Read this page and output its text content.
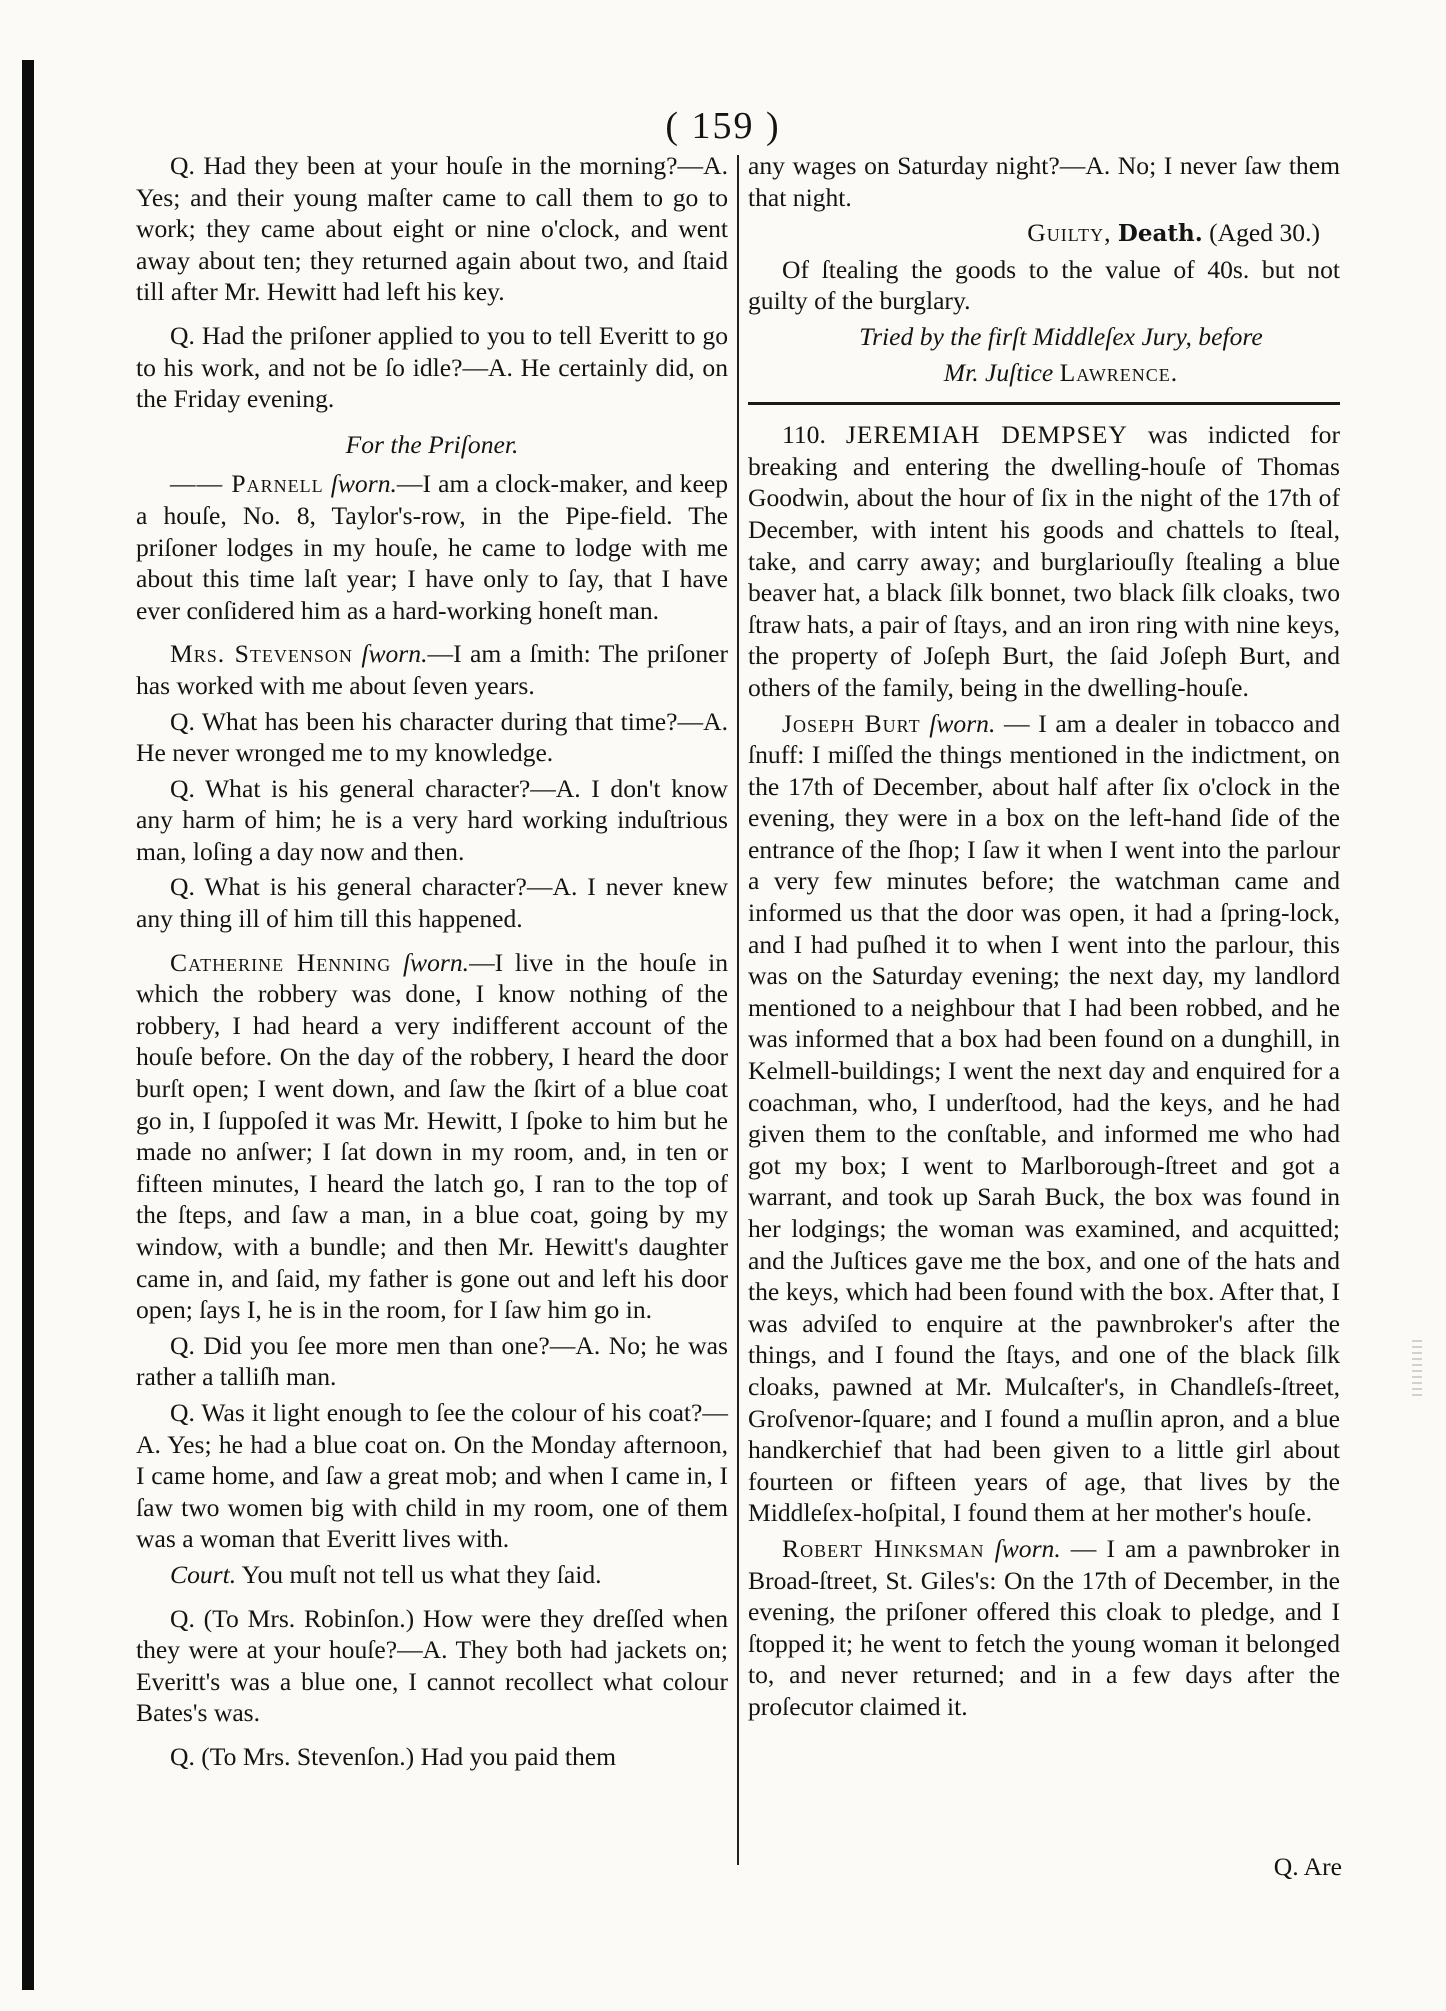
( 159 )

Q. Had they been at your houſe in the morning?—A. Yes; and their young maſter came to call them to go to work; they came about eight or nine o'clock, and went away about ten; they returned again about two, and ſtaid till after Mr. Hewitt had left his key.

Q. Had the priſoner applied to you to tell Everitt to go to his work, and not be ſo idle?—A. He certainly did, on the Friday evening.

For the Priſoner.

—— Parnell ſworn.—I am a clock-maker, and keep a houſe, No. 8, Taylor's-row, in the Pipe-field. The priſoner lodges in my houſe, he came to lodge with me about this time laſt year; I have only to ſay, that I have ever conſidered him as a hard-working honeſt man.

Mrs. Stevenson ſworn.—I am a ſmith: The priſoner has worked with me about ſeven years.

Q. What has been his character during that time?—A. He never wronged me to my knowledge.

Q. What is his general character?—A. I don't know any harm of him; he is a very hard working induſtrious man, loſing a day now and then.

Q. What is his general character?—A. I never knew any thing ill of him till this happened.

Catherine Henning ſworn.—I live in the houſe in which the robbery was done, I know nothing of the robbery, I had heard a very indifferent account of the houſe before. On the day of the robbery, I heard the door burſt open; I went down, and ſaw the ſkirt of a blue coat go in, I ſuppoſed it was Mr. Hewitt, I ſpoke to him but he made no anſwer; I ſat down in my room, and, in ten or fifteen minutes, I heard the latch go, I ran to the top of the ſteps, and ſaw a man, in a blue coat, going by my window, with a bundle; and then Mr. Hewitt's daughter came in, and ſaid, my father is gone out and left his door open; ſays I, he is in the room, for I ſaw him go in.

Q. Did you ſee more men than one?—A. No; he was rather a talliſh man.

Q. Was it light enough to ſee the colour of his coat?—A. Yes; he had a blue coat on. On the Monday afternoon, I came home, and ſaw a great mob; and when I came in, I ſaw two women big with child in my room, one of them was a woman that Everitt lives with.

Court. You muſt not tell us what they ſaid.

Q. (To Mrs. Robinſon.) How were they dreſſed when they were at your houſe?—A. They both had jackets on; Everitt's was a blue one, I cannot recollect what colour Bates's was.

Q. (To Mrs. Stevenſon.) Had you paid them

any wages on Saturday night?—A. No; I never ſaw them that night.

Guilty, Death. (Aged 30.)

Of ſtealing the goods to the value of 40s. but not guilty of the burglary.

Tried by the firſt Middleſex Jury, before

Mr. Juſtice Lawrence.

110. JEREMIAH DEMPSEY was indicted for breaking and entering the dwelling-houſe of Thomas Goodwin, about the hour of ſix in the night of the 17th of December, with intent his goods and chattels to ſteal, take, and carry away; and burglariouſly ſtealing a blue beaver hat, a black ſilk bonnet, two black ſilk cloaks, two ſtraw hats, a pair of ſtays, and an iron ring with nine keys, the property of Joſeph Burt, the ſaid Joſeph Burt, and others of the family, being in the dwelling-houſe.

Joseph Burt ſworn. — I am a dealer in tobacco and ſnuff: I miſſed the things mentioned in the indictment, on the 17th of December, about half after ſix o'clock in the evening, they were in a box on the left-hand ſide of the entrance of the ſhop; I ſaw it when I went into the parlour a very few minutes before; the watchman came and informed us that the door was open, it had a ſpring-lock, and I had puſhed it to when I went into the parlour, this was on the Saturday evening; the next day, my landlord mentioned to a neighbour that I had been robbed, and he was informed that a box had been found on a dunghill, in Kelmell-buildings; I went the next day and enquired for a coachman, who, I underſtood, had the keys, and he had given them to the conſtable, and informed me who had got my box; I went to Marlborough-ſtreet and got a warrant, and took up Sarah Buck, the box was found in her lodgings; the woman was examined, and acquitted; and the Juſtices gave me the box, and one of the hats and the keys, which had been found with the box. After that, I was adviſed to enquire at the pawnbroker's after the things, and I found the ſtays, and one of the black ſilk cloaks, pawned at Mr. Mulcaſter's, in Chandleſs-ſtreet, Groſvenor-ſquare; and I found a muſlin apron, and a blue handkerchief that had been given to a little girl about fourteen or fifteen years of age, that lives by the Middleſex-hoſpital, I found them at her mother's houſe.

Robert Hinksman ſworn. — I am a pawnbroker in Broad-ſtreet, St. Giles's: On the 17th of December, in the evening, the priſoner offered this cloak to pledge, and I ſtopped it; he went to fetch the young woman it belonged to, and never returned; and in a few days after the proſecutor claimed it.

Q. Are
